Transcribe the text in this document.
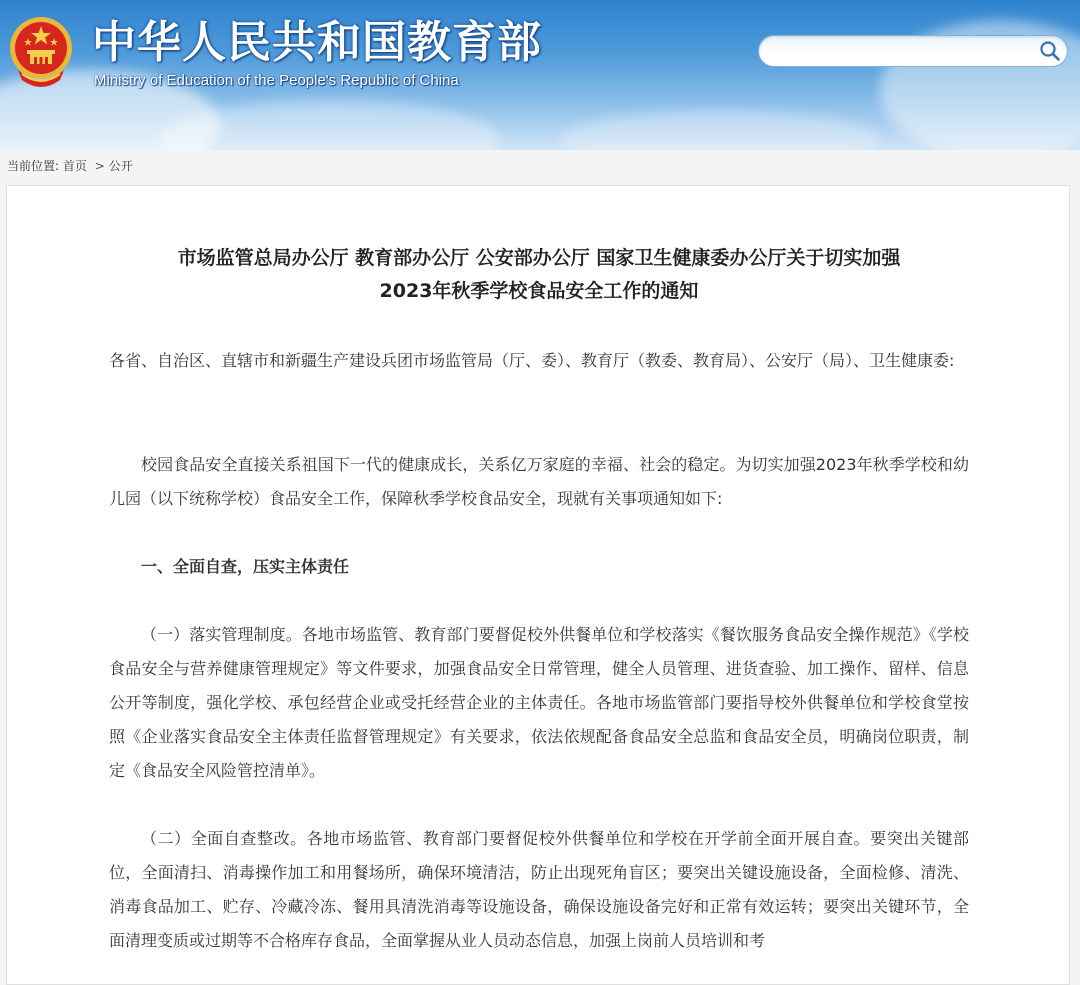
中华人民共和国教育部
Ministry of Education of the People's Republic of China
当前位置: 首页 > 公开
市场监管总局办公厅 教育部办公厅 公安部办公厅 国家卫生健康委办公厅关于切实加强
2023年秋季学校食品安全工作的通知

各省、自治区、直辖市和新疆生产建设兵团市场监管局（厅、委）、教育厅（教委、教育局）、公安厅（局）、卫生健康委:

校园食品安全直接关系祖国下一代的健康成长，关系亿万家庭的幸福、社会的稳定。为切实加强2023年秋季学校和幼儿园（以下统称学校）食品安全工作，保障秋季学校食品安全，现就有关事项通知如下:

一、全面自查，压实主体责任

（一）落实管理制度。各地市场监管、教育部门要督促校外供餐单位和学校落实《餐饮服务食品安全操作规范》《学校食品安全与营养健康管理规定》等文件要求，加强食品安全日常管理，健全人员管理、进货查验、加工操作、留样、信息公开等制度，强化学校、承包经营企业或受托经营企业的主体责任。各地市场监管部门要指导校外供餐单位和学校食堂按照《企业落实食品安全主体责任监督管理规定》有关要求，依法依规配备食品安全总监和食品安全员，明确岗位职责，制定《食品安全风险管控清单》。

（二）全面自查整改。各地市场监管、教育部门要督促校外供餐单位和学校在开学前全面开展自查。要突出关键部位，全面清扫、消毒操作加工和用餐场所，确保环境清洁，防止出现死角盲区；要突出关键设施设备，全面检修、清洗、消毒食品加工、贮存、冷藏冷冻、餐用具清洗消毒等设施设备，确保设施设备完好和正常有效运转；要突出关键环节，全面清理变质或过期等不合格库存食品，全面掌握从业人员动态信息，加强上岗前人员培训和考
